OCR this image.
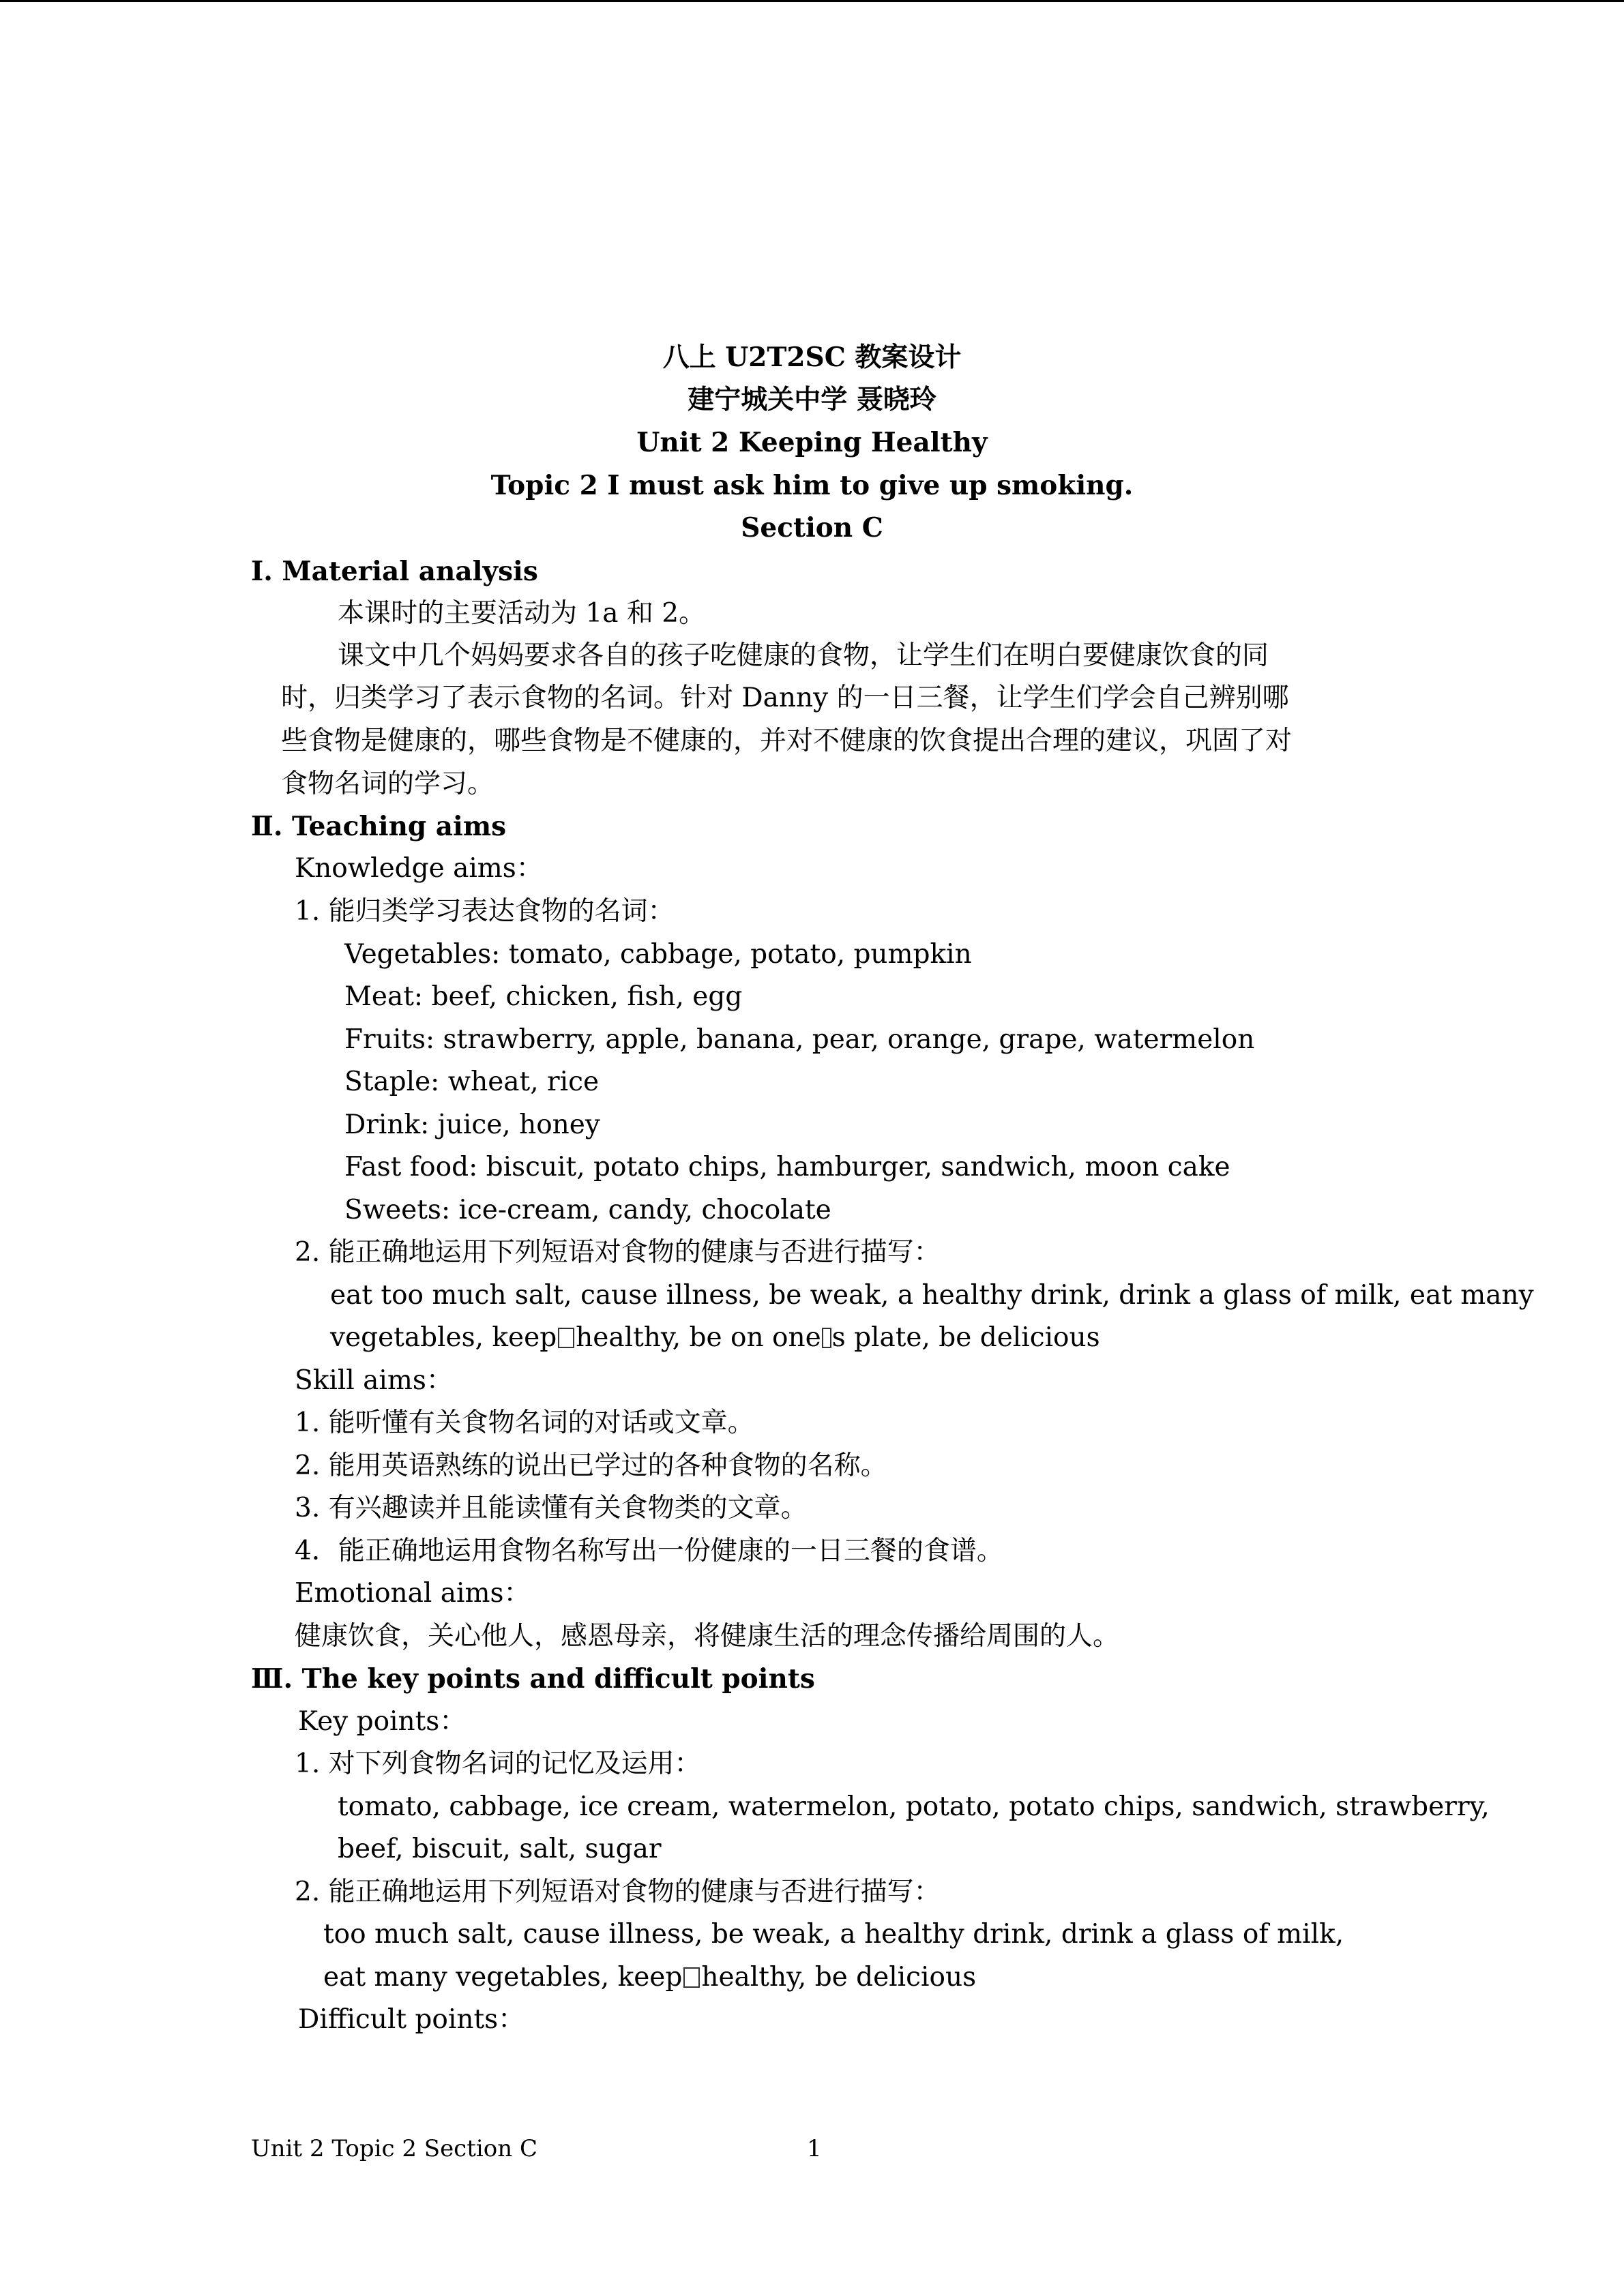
八上 U2T2SC 教案设计
建宁城关中学 聂晓玲
Unit 2 Keeping Healthy
Topic 2 I must ask him to give up smoking.
Section C
Ⅰ. Material analysis
本课时的主要活动为 1a 和 2。
课文中几个妈妈要求各自的孩子吃健康的食物，让学生们在明白要健康饮食的同
时，归类学习了表示食物的名词。针对 Danny 的一日三餐，让学生们学会自己辨别哪
些食物是健康的，哪些食物是不健康的，并对不健康的饮食提出合理的建议，巩固了对
食物名词的学习。
Ⅱ. Teaching aims
Knowledge aims：
1. 能归类学习表达食物的名词：
Vegetables: tomato, cabbage, potato, pumpkin
Meat: beef, chicken, fish, egg
Fruits: strawberry, apple, banana, pear, orange, grape, watermelon
Staple: wheat, rice
Drink: juice, honey
Fast food: biscuit, potato chips, hamburger, sandwich, moon cake
Sweets: ice-cream, candy, chocolate
2. 能正确地运用下列短语对食物的健康与否进行描写：
eat too much salt, cause illness, be weak, a healthy drink, drink a glass of milk, eat many
vegetables, keep healthy, be on one s plate, be delicious
Skill aims：
1. 能听懂有关食物名词的对话或文章。
2. 能用英语熟练的说出已学过的各种食物的名称。
3. 有兴趣读并且能读懂有关食物类的文章。
4．能正确地运用食物名称写出一份健康的一日三餐的食谱。
Emotional aims：
健康饮食，关心他人，感恩母亲，将健康生活的理念传播给周围的人。
Ⅲ. The key points and difficult points
Key points：
1. 对下列食物名词的记忆及运用：
tomato, cabbage, ice cream, watermelon, potato, potato chips, sandwich, strawberry,
beef, biscuit, salt, sugar
2. 能正确地运用下列短语对食物的健康与否进行描写：
too much salt, cause illness, be weak, a healthy drink, drink a glass of milk,
eat many vegetables, keep healthy, be delicious
Difficult points：
Unit 2 Topic 2 Section C	1
